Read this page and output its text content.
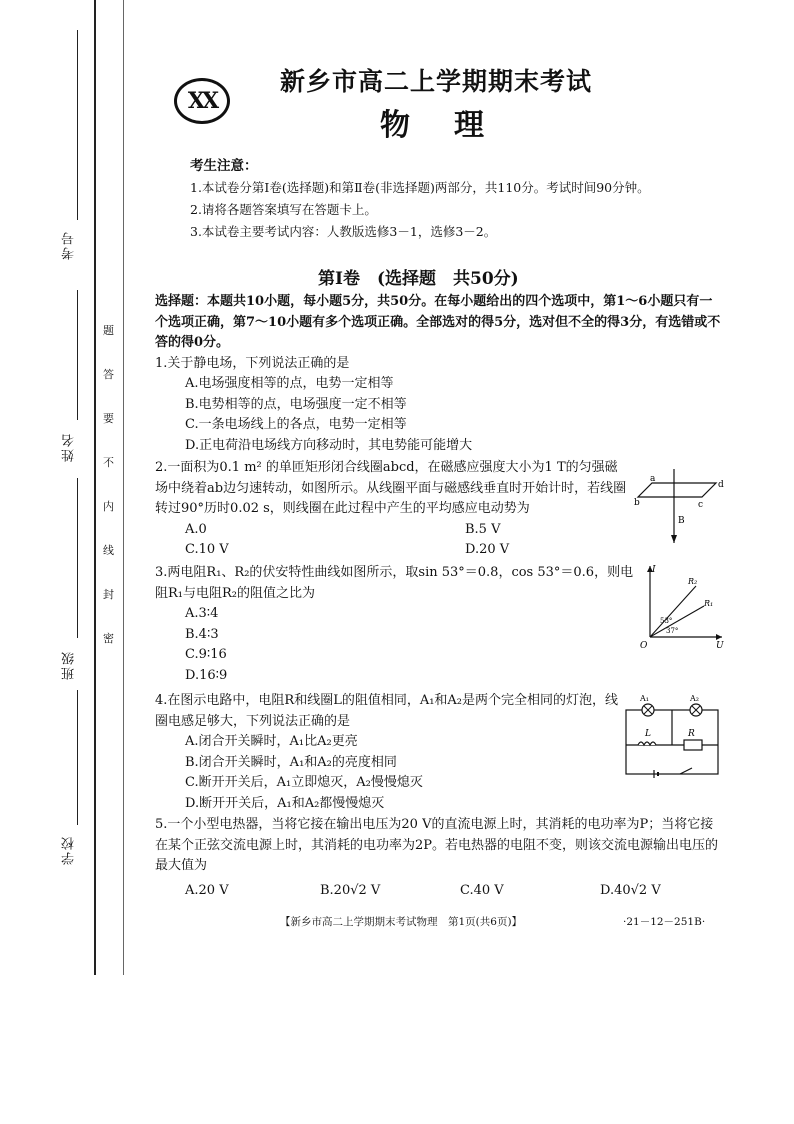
考号
姓名
班级
学校
题
答
要
不
内
线
封
密
XX
新乡市高二上学期期末考试
物理
考生注意：
1.本试卷分第Ⅰ卷(选择题)和第Ⅱ卷(非选择题)两部分，共110分。考试时间90分钟。
2.请将各题答案填写在答题卡上。
3.本试卷主要考试内容：人教版选修3－1，选修3－2。
第Ⅰ卷　(选择题　共50分)

选择题：本题共10小题，每小题5分，共50分。在每小题给出的四个选项中，第1～6小题只有一个选项正确，第7～10小题有多个选项正确。全部选对的得5分，选对但不全的得3分，有选错或不答的得0分。

1.关于静电场，下列说法正确的是

A.电场强度相等的点，电势一定相等
B.电势相等的点，电场强度一定不相等
C.一条电场线上的各点，电势一定相等
D.正电荷沿电场线方向移动时，其电势能可能增大

2.一面积为0.1 m² 的单匝矩形闭合线圈abcd，在磁感应强度大小为1 T的匀强磁场中绕着ab边匀速转动，如图所示。从线圈平面与磁感线垂直时开始计时，若线圈转过90°历时0.02 s，则线圈在此过程中产生的平均感应电动势为

A.0	B.5 V
C.10 V	D.20 V
a
b	c
d
B

3.两电阻R₁、R₂的伏安特性曲线如图所示，取sin 53°＝0.8，cos 53°＝0.6，则电阻R₁与电阻R₂的阻值之比为

A.3∶4
B.4∶3
C.9∶16
D.16∶9
I
U
O
R₂
R₁
53°
37°

4.在图示电路中，电阻R和线圈L的阻值相同，A₁和A₂是两个完全相同的灯泡，线圈电感足够大，下列说法正确的是

A.闭合开关瞬时，A₁比A₂更亮
B.闭合开关瞬时，A₁和A₂的亮度相同
C.断开开关后，A₁立即熄灭，A₂慢慢熄灭
D.断开开关后，A₁和A₂都慢慢熄灭
A₁	A₂
L	R

5.一个小型电热器，当将它接在输出电压为20 V的直流电源上时，其消耗的电功率为P；当将它接在某个正弦交流电源上时，其消耗的电功率为2P。若电热器的电阻不变，则该交流电源输出电压的最大值为

A.20 V	B.20√2 V	C.40 V	D.40√2 V
【新乡市高二上学期期末考试物理　第1页(共6页)】	·21－12－251B·
